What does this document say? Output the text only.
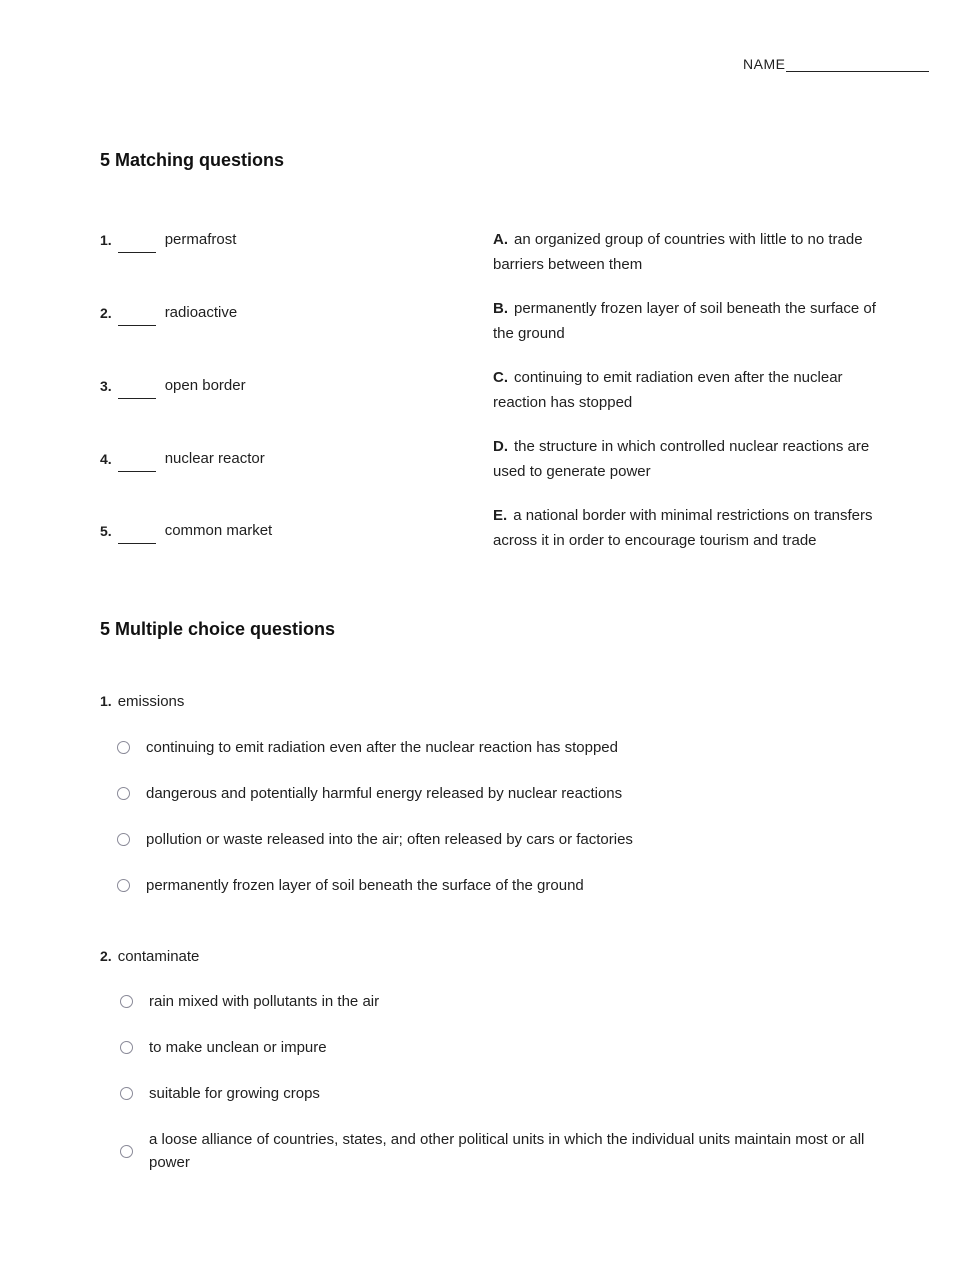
NAME
5 Matching questions
1.	permafrost
2.	radioactive
3.	open border
4.	nuclear reactor
5.	common market
A. an organized group of countries with little to no trade barriers between them
B. permanently frozen layer of soil beneath the surface of the ground
C. continuing to emit radiation even after the nuclear reaction has stopped
D. the structure in which controlled nuclear reactions are used to generate power
E. a national border with minimal restrictions on transfers across it in order to encourage tourism and trade
5 Multiple choice questions
1. emissions
continuing to emit radiation even after the nuclear reaction has stopped
dangerous and potentially harmful energy released by nuclear reactions
pollution or waste released into the air; often released by cars or factories
permanently frozen layer of soil beneath the surface of the ground
2. contaminate
rain mixed with pollutants in the air
to make unclean or impure
suitable for growing crops
a loose alliance of countries, states, and other political units in which the individual units maintain most or all power
